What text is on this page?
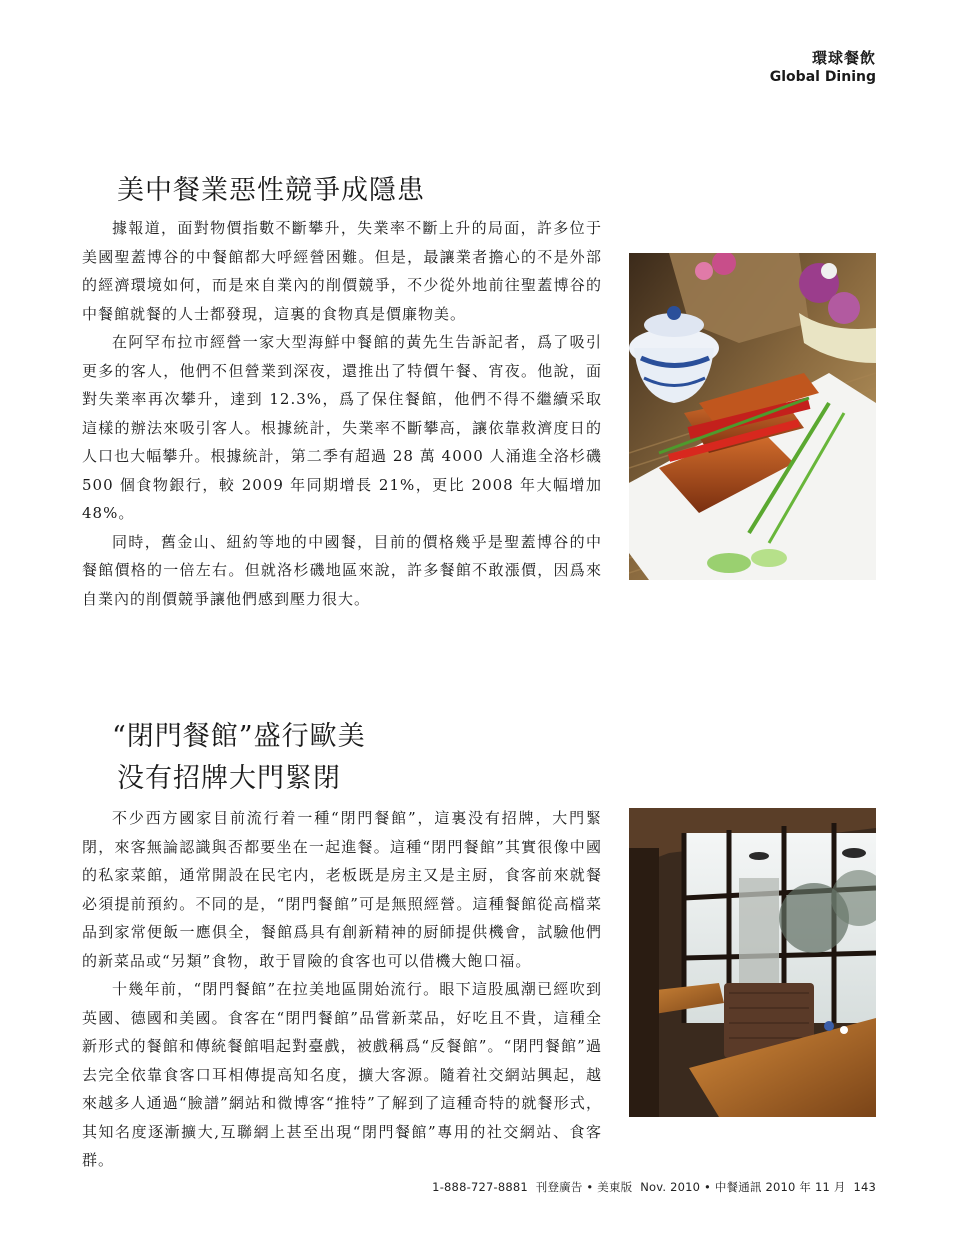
環球餐飲
Global Dining
美中餐業惡性競爭成隱患

據報道，面對物價指數不斷攀升，失業率不斷上升的局面，許多位于美國聖蓋博谷的中餐館都大呼經營困難。但是，最讓業者擔心的不是外部的經濟環境如何，而是來自業內的削價競爭，不少從外地前往聖蓋博谷的中餐館就餐的人士都發現，這裏的食物真是價廉物美。

在阿罕布拉市經營一家大型海鮮中餐館的黃先生告訴記者，爲了吸引更多的客人，他們不但營業到深夜，還推出了特價午餐、宵夜。他說，面對失業率再次攀升，達到 12.3%，爲了保住餐館，他們不得不繼續采取這樣的辦法來吸引客人。根據統計，失業率不斷攀高，讓依靠救濟度日的人口也大幅攀升。根據統計，第二季有超過 28 萬 4000 人涌進全洛杉磯 500 個食物銀行，較 2009 年同期增長 21%，更比 2008 年大幅增加 48%。

同時，舊金山、紐約等地的中國餐，目前的價格幾乎是聖蓋博谷的中餐館價格的一倍左右。但就洛杉磯地區來說，許多餐館不敢漲價，因爲來自業內的削價競爭讓他們感到壓力很大。

“閉門餐館”盛行歐美
没有招牌大門緊閉

不少西方國家目前流行着一種“閉門餐館”，這裏没有招牌，大門緊閉，來客無論認識與否都要坐在一起進餐。這種“閉門餐館”其實很像中國的私家菜館，通常開設在民宅内，老板既是房主又是主厨，食客前來就餐必須提前預約。不同的是，“閉門餐館”可是無照經營。這種餐館從高檔菜品到家常便飯一應俱全，餐館爲具有創新精神的厨師提供機會，試驗他們的新菜品或“另類”食物，敢于冒險的食客也可以借機大飽口福。

十幾年前，“閉門餐館”在拉美地區開始流行。眼下這股風潮已經吹到英國、德國和美國。食客在“閉門餐館”品嘗新菜品，好吃且不貴，這種全新形式的餐館和傳統餐館唱起對臺戲，被戲稱爲“反餐館”。“閉門餐館”過去完全依靠食客口耳相傳提高知名度，擴大客源。隨着社交網站興起，越來越多人通過“臉譜”網站和微博客“推特”了解到了這種奇特的就餐形式，其知名度逐漸擴大,互聯網上甚至出現“閉門餐館”專用的社交網站、食客群。

1-888-727-8881 刊登廣告 • 美東版 Nov. 2010 • 中餐通訊 2010 年 11 月 143
